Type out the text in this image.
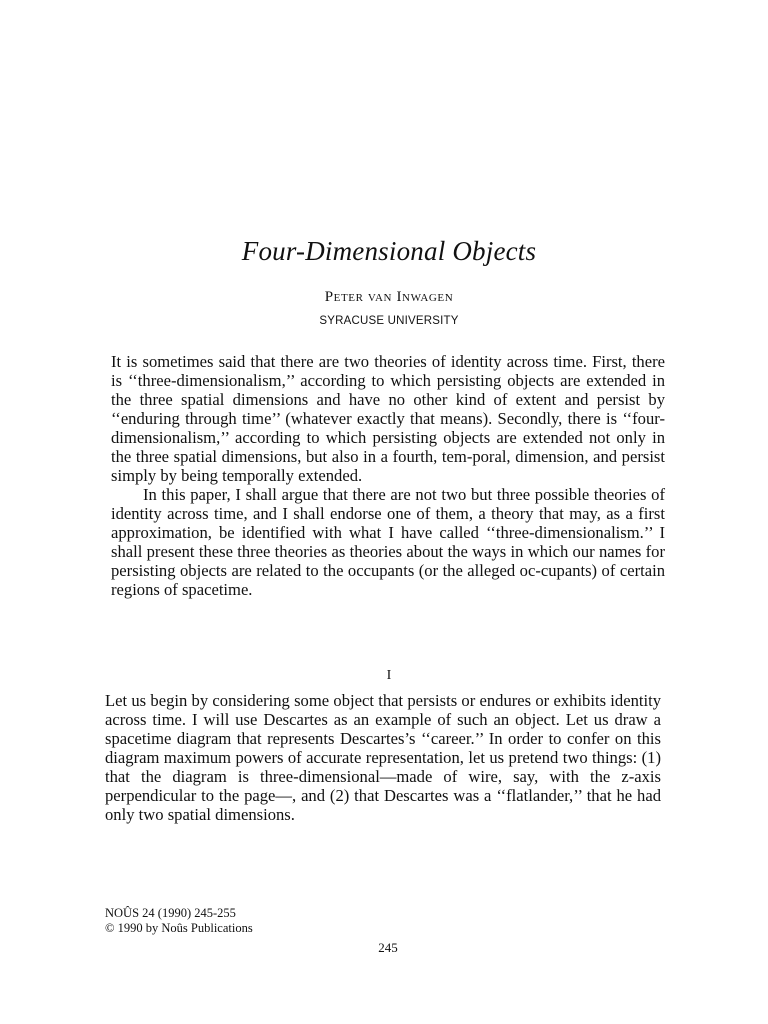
Four-Dimensional Objects
Peter van Inwagen
SYRACUSE UNIVERSITY

It is sometimes said that there are two theories of identity across time. First, there is ‘‘three-dimensionalism,’’ according to which persisting objects are extended in the three spatial dimensions and have no other kind of extent and persist by ‘‘enduring through time’’ (whatever exactly that means). Secondly, there is ‘‘four-dimensionalism,’’ according to which persisting objects are extended not only in the three spatial dimensions, but also in a fourth, tem-poral, dimension, and persist simply by being temporally extended.

In this paper, I shall argue that there are not two but three possible theories of identity across time, and I shall endorse one of them, a theory that may, as a first approximation, be identified with what I have called ‘‘three-dimensionalism.’’ I shall present these three theories as theories about the ways in which our names for persisting objects are related to the occupants (or the alleged oc-cupants) of certain regions of spacetime.

I

Let us begin by considering some object that persists or endures or exhibits identity across time. I will use Descartes as an example of such an object. Let us draw a spacetime diagram that represents Descartes’s ‘‘career.’’ In order to confer on this diagram maximum powers of accurate representation, let us pretend two things: (1) that the diagram is three-dimensional—made of wire, say, with the z-axis perpendicular to the page—, and (2) that Descartes was a ‘‘flatlander,’’ that he had only two spatial dimensions.

NOÛS 24 (1990) 245-255
© 1990 by Noûs Publications
245
